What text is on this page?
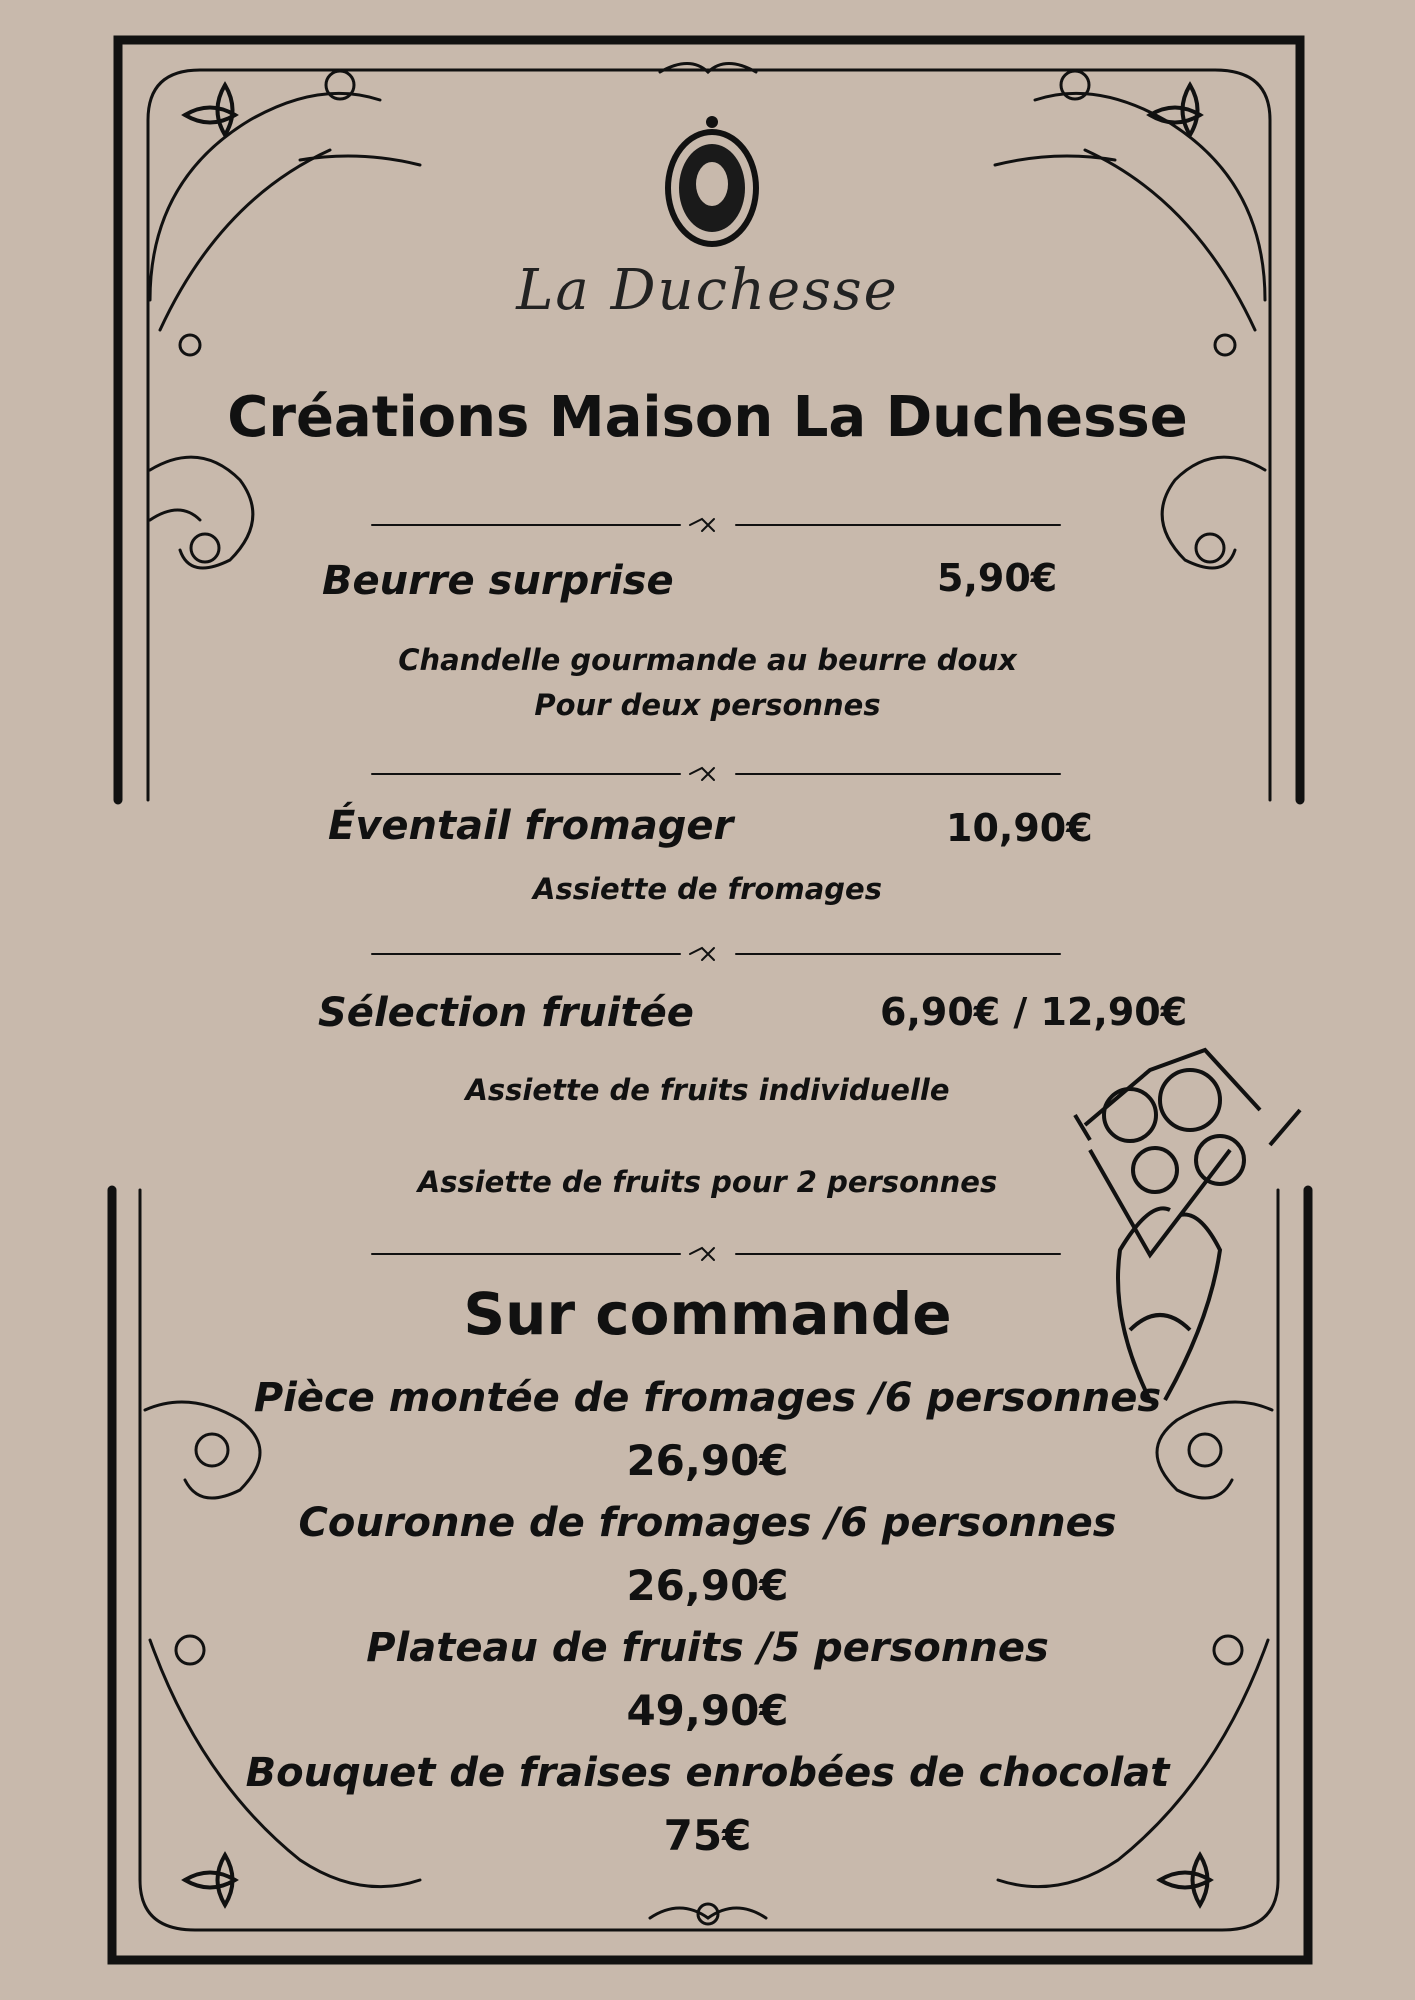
La Duchesse
Créations Maison La Duchesse
Beurre surprise	5,90€
Chandelle gourmande au beurre doux
Pour deux personnes
Éventail fromager	10,90€
Assiette de fromages
Sélection fruitée	6,90€ / 12,90€
Assiette de fruits individuelle
Assiette de fruits pour 2 personnes
Sur commande
Pièce montée de fromages /6 personnes
26,90€
Couronne de fromages /6 personnes
26,90€
Plateau de fruits /5 personnes
49,90€
Bouquet de fraises enrobées de chocolat
75€
